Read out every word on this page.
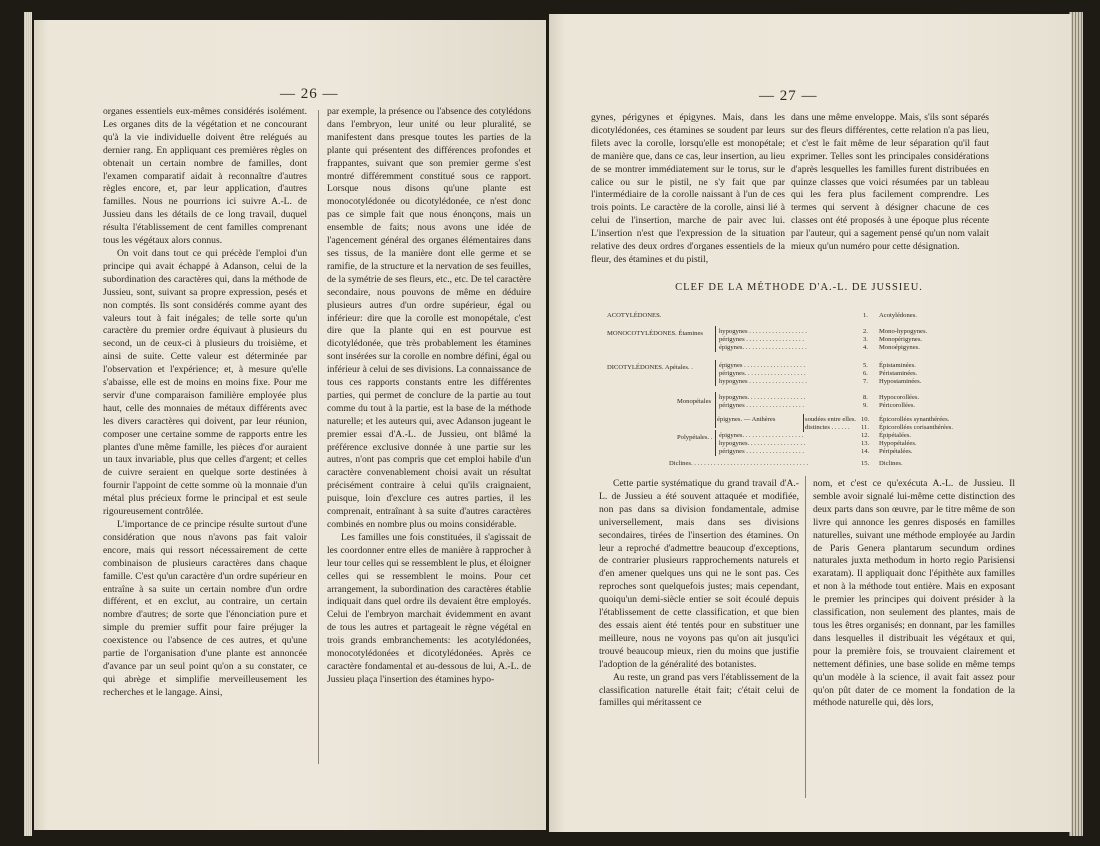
— 26 —

organes essentiels eux-mêmes considérés isolément. Les organes dits de la végétation et ne concourant qu'à la vie individuelle doivent être relégués au dernier rang. En appliquant ces premières règles on obtenait un certain nombre de familles, dont l'examen comparatif aidait à reconnaître d'autres règles encore, et, par leur application, d'autres familles. Nous ne pourrions ici suivre A.-L. de Jussieu dans les détails de ce long travail, duquel résulta l'établissement de cent familles comprenant tous les végétaux alors connus.

On voit dans tout ce qui précède l'emploi d'un principe qui avait échappé à Adanson, celui de la subordination des caractères qui, dans la méthode de Jussieu, sont, suivant sa propre expression, pesés et non comptés. Ils sont considérés comme ayant des valeurs tout à fait inégales; de telle sorte qu'un caractère du premier ordre équivaut à plusieurs du second, un de ceux-ci à plusieurs du troisième, et ainsi de suite. Cette valeur est déterminée par l'observation et l'expérience; et, à mesure qu'elle s'abaisse, elle est de moins en moins fixe. Pour me servir d'une comparaison familière employée plus haut, celle des monnaies de métaux différents avec les divers caractères qui doivent, par leur réunion, composer une certaine somme de rapports entre les plantes d'une même famille, les pièces d'or auraient un taux invariable, plus que celles d'argent; et celles de cuivre seraient en quelque sorte destinées à fournir l'appoint de cette somme où la monnaie d'un métal plus précieux forme le principal et est seule rigoureusement contrôlée.

L'importance de ce principe résulte surtout d'une considération que nous n'avons pas fait valoir encore, mais qui ressort nécessairement de cette combinaison de plusieurs caractères dans chaque famille. C'est qu'un caractère d'un ordre supérieur en entraîne à sa suite un certain nombre d'un ordre différent, et en exclut, au contraire, un certain nombre d'autres; de sorte que l'énonciation pure et simple du premier suffit pour faire préjuger la coexistence ou l'absence de ces autres, et qu'une partie de l'organisation d'une plante est annoncée d'avance par un seul point qu'on a su constater, ce qui abrège et simplifie merveilleusement les recherches et le langage. Ainsi,

par exemple, la présence ou l'absence des cotylédons dans l'embryon, leur unité ou leur pluralité, se manifestent dans presque toutes les parties de la plante qui présentent des différences profondes et frappantes, suivant que son premier germe s'est montré différemment constitué sous ce rapport. Lorsque nous disons qu'une plante est monocotylédonée ou dicotylédonée, ce n'est donc pas ce simple fait que nous énonçons, mais un ensemble de faits; nous avons une idée de l'agencement général des organes élémentaires dans ses tissus, de la manière dont elle germe et se ramifie, de la structure et la nervation de ses feuilles, de la symétrie de ses fleurs, etc., etc. De tel caractère secondaire, nous pouvons de même en déduire plusieurs autres d'un ordre supérieur, égal ou inférieur: dire que la corolle est monopétale, c'est dire que la plante qui en est pourvue est dicotylédonée, que très probablement les étamines sont insérées sur la corolle en nombre défini, égal ou inférieur à celui de ses divisions. La connaissance de tous ces rapports constants entre les différentes parties, qui permet de conclure de la partie au tout comme du tout à la partie, est la base de la méthode naturelle; et les auteurs qui, avec Adanson jugeant le premier essai d'A.-L. de Jussieu, ont blâmé la préférence exclusive donnée à une partie sur les autres, n'ont pas compris que cet emploi habile d'un caractère convenablement choisi avait un résultat précisément contraire à celui qu'ils craignaient, puisque, loin d'exclure ces autres parties, il les comprenait, entraînant à sa suite d'autres caractères combinés en nombre plus ou moins considérable.

Les familles une fois constituées, il s'agissait de les coordonner entre elles de manière à rapprocher à leur tour celles qui se ressemblent le plus, et éloigner celles qui se ressemblent le moins. Pour cet arrangement, la subordination des caractères établie indiquait dans quel ordre ils devaient être employés. Celui de l'embryon marchait évidemment en avant de tous les autres et partageait le règne végétal en trois grands embranchements: les acotylédonées, monocotylédonées et dicotylédonées. Après ce caractère fondamental et au-dessous de lui, A.-L. de Jussieu plaça l'insertion des étamines hypo-

— 27 —

gynes, périgynes et épigynes. Mais, dans les dicotylédonées, ces étamines se soudent par leurs filets avec la corolle, lorsqu'elle est monopétale; de manière que, dans ce cas, leur insertion, au lieu de se montrer immédiatement sur le torus, sur le calice ou sur le pistil, ne s'y fait que par l'intermédiaire de la corolle naissant à l'un de ces trois points. Le caractère de la corolle, ainsi lié à celui de l'insertion, marche de pair avec lui. L'insertion n'est que l'expression de la situation relative des deux ordres d'organes essentiels de la fleur, des étamines et du pistil,

dans une même enveloppe. Mais, s'ils sont séparés sur des fleurs différentes, cette relation n'a pas lieu, et c'est le fait même de leur séparation qu'il faut exprimer. Telles sont les principales considérations d'après lesquelles les familles furent distribuées en quinze classes que voici résumées par un tableau qui les fera plus facilement comprendre. Les termes qui servent à désigner chacune de ces classes ont été proposés à une époque plus récente par l'auteur, qui a sagement pensé qu'un nom valait mieux qu'un numéro pour cette désignation.

CLEF DE LA MÉTHODE D'A.-L. DE JUSSIEU.
ACOTYLÉDONES.
MONOCOTYLÉDONES. Étamines
DICOTYLÉDONES. Apétales. .
Monopétales
Polypétales. .
Diclines. . . . . . . . . . . . . . . . . . . . . . . . . . . . . . . . . . . .
épigynes. — Anthères	soudées entre elles.
distinctes . . . . . .
hypogynes . . . . . . . . . . . . . . . . . .
périgynes . . . . . . . . . . . . . . . . . .
épigynes. . . . . . . . . . . . . . . . . . . .
épigynes . . . . . . . . . . . . . . . . . . .
périgynes. . . . . . . . . . . . . . . . . . .
hypogynes . . . . . . . . . . . . . . . . . .
hypogynes. . . . . . . . . . . . . . . . . .
périgynes . . . . . . . . . . . . . . . . . .
épigynes. . . . . . . . . . . . . . . . . . .
hypogynes. . . . . . . . . . . . . . . . . .
périgynes . . . . . . . . . . . . . . . . . .
1. Acotylédones.
2. Mono-hypogynes.
3. Monopérigynes.
4. Monoépigynes.
5. Épistaminées.
6. Péristaminées.
7. Hypostaminées.
8. Hypocorollées.
9. Péricorollées.
10. Épicorollées synanthérées.
11. Épicorollées corisanthérées.
12. Épipétalées.
13. Hypopétalées.
14. Péripétalées.
15. Diclines.

Cette partie systématique du grand travail d'A.-L. de Jussieu a été souvent attaquée et modifiée, non pas dans sa division fondamentale, admise universellement, mais dans ses divisions secondaires, tirées de l'insertion des étamines. On leur a reproché d'admettre beaucoup d'exceptions, de contrarier plusieurs rapprochements naturels et d'en amener quelques uns qui ne le sont pas. Ces reproches sont quelquefois justes; mais cependant, quoiqu'un demi-siècle entier se soit écoulé depuis l'établissement de cette classification, et que bien des essais aient été tentés pour en substituer une meilleure, nous ne voyons pas qu'on ait jusqu'ici trouvé beaucoup mieux, rien du moins que justifie l'adoption de la généralité des botanistes.

Au reste, un grand pas vers l'établissement de la classification naturelle était fait; c'était celui de familles qui méritassent ce

nom, et c'est ce qu'exécuta A.-L. de Jussieu. Il semble avoir signalé lui-même cette distinction des deux parts dans son œuvre, par le titre même de son livre qui annonce les genres disposés en familles naturelles, suivant une méthode employée au Jardin de Paris Genera plantarum secundum ordines naturales juxta methodum in horto regio Parisiensi exaratam). Il appliquait donc l'épithète aux familles et non à la méthode tout entière. Mais en exposant le premier les principes qui doivent présider à la classification, non seulement des plantes, mais de tous les êtres organisés; en donnant, par les familles dans lesquelles il distribuait les végétaux et qui, pour la première fois, se trouvaient clairement et nettement définies, une base solide en même temps qu'un modèle à la science, il avait fait assez pour qu'on pût dater de ce moment la fondation de la méthode naturelle qui, dès lors,
